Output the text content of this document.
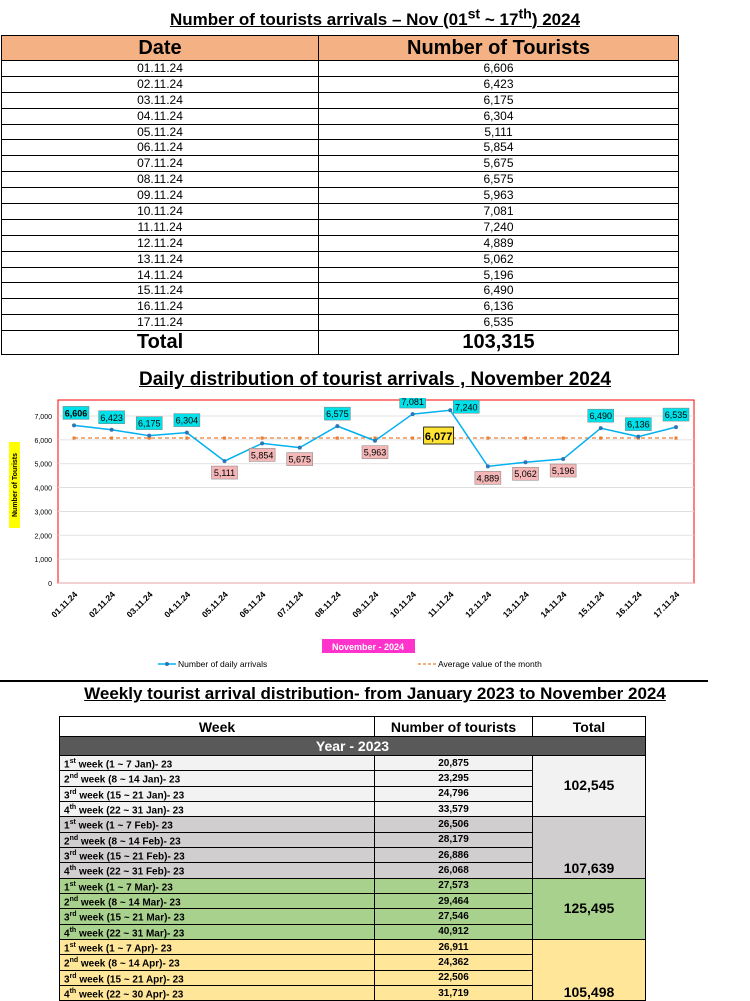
Number of tourists arrivals – Nov (01st ~ 17th) 2024
Date	Number of Tourists
01.11.24	6,606
02.11.24	6,423
03.11.24	6,175
04.11.24	6,304
05.11.24	5,111
06.11.24	5,854
07.11.24	5,675
08.11.24	6,575
09.11.24	5,963
10.11.24	7,081
11.11.24	7,240
12.11.24	4,889
13.11.24	5,062
14.11.24	5,196
15.11.24	6,490
16.11.24	6,136
17.11.24	6,535
Total	103,315
Daily distribution of tourist arrivals , November 2024
0
1,000
2,000
3,000
4,000
5,000
6,000
7,000
Number of Tourists
01.11.24 02.11.24 03.11.24 04.11.24 05.11.24 06.11.24 07.11.24 08.11.24 09.11.24 10.11.24 11.11.24 12.11.24 13.11.24 14.11.24 15.11.24 16.11.24 17.11.24
November - 2024
6,606 6,423
6,175 6,304
5,111
5,854 5,675
6,575
5,963
7,081
7,240
4,889 5,062 5,196
6,490
6,136
6,535
6,077
Number of daily arrivals	Average value of the month
Weekly tourist arrival distribution- from January 2023 to November 2024
Week	Number of tourists	Total
Year - 2023		
1st week (1 ~ 7 Jan)- 23	20,875	102,545
2nd week (8 ~ 14 Jan)- 23	23,295	
3rd week (15 ~ 21 Jan)- 23	24,796	
4th week (22 ~ 31 Jan)- 23	33,579	
1st week (1 ~ 7 Feb)- 23	26,506	107,639
2nd week (8 ~ 14 Feb)- 23	28,179	
3rd week (15 ~ 21 Feb)- 23	26,886	
4th week (22 ~ 31 Feb)- 23	26,068	
1st week (1 ~ 7 Mar)- 23	27,573	125,495
2nd week (8 ~ 14 Mar)- 23	29,464	
3rd week (15 ~ 21 Mar)- 23	27,546	
4th week (22 ~ 31 Mar)- 23	40,912	
1st week (1 ~ 7 Apr)- 23	26,911	105,498
2nd week (8 ~ 14 Apr)- 23	24,362	
3rd week (15 ~ 21 Apr)- 23	22,506	
4th week (22 ~ 30 Apr)- 23	31,719	
